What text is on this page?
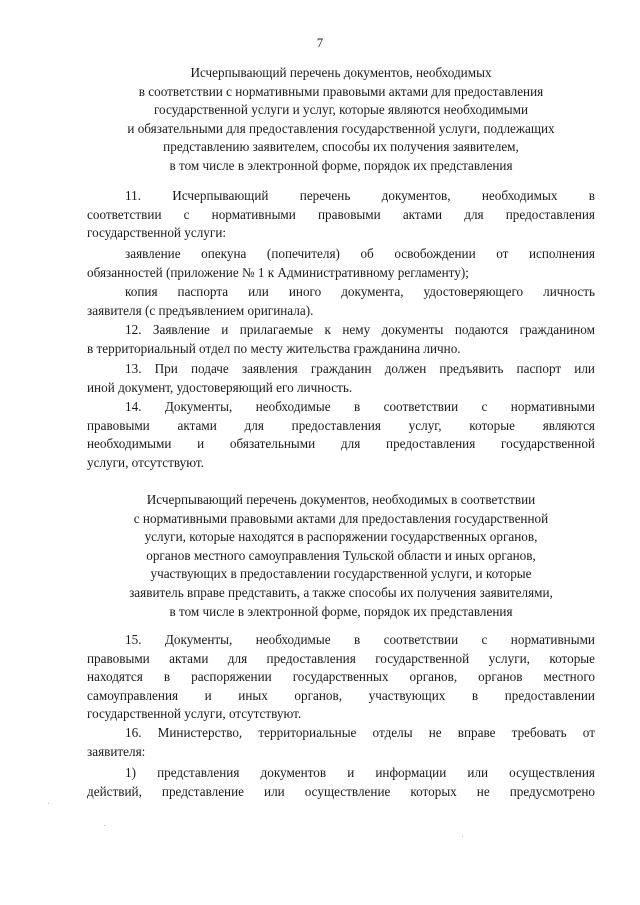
7
Исчерпывающий перечень документов, необходимых
в соответствии с нормативными правовыми актами для предоставления
государственной услуги и услуг, которые являются необходимыми
и обязательными для предоставления государственной услуги, подлежащих
представлению заявителем, способы их получения заявителем,
в том числе в электронной форме, порядок их представления
11. Исчерпывающий перечень документов, необходимых в
соответствии с нормативными правовыми актами для предоставления
государственной услуги:
заявление опекуна (попечителя) об освобождении от исполнения
обязанностей (приложение № 1 к Административному регламенту);
копия паспорта или иного документа, удостоверяющего личность
заявителя (с предъявлением оригинала).
12. Заявление и прилагаемые к нему документы подаются гражданином
в территориальный отдел по месту жительства гражданина лично.
13. При подаче заявления гражданин должен предъявить паспорт или
иной документ, удостоверяющий его личность.
14. Документы, необходимые в соответствии с нормативными
правовыми актами для предоставления услуг, которые являются
необходимыми и обязательными для предоставления государственной
услуги, отсутствуют.
Исчерпывающий перечень документов, необходимых в соответствии
с нормативными правовыми актами для предоставления государственной
услуги, которые находятся в распоряжении государственных органов,
органов местного самоуправления Тульской области и иных органов,
участвующих в предоставлении государственной услуги, и которые
заявитель вправе представить, а также способы их получения заявителями,
в том числе в электронной форме, порядок их представления
15. Документы, необходимые в соответствии с нормативными
правовыми актами для предоставления государственной услуги, которые
находятся в распоряжении государственных органов, органов местного
самоуправления и иных органов, участвующих в предоставлении
государственной услуги, отсутствуют.
16. Министерство, территориальные отделы не вправе требовать от
заявителя:
1) представления документов и информации или осуществления
действий, представление или осуществление которых не предусмотрено
